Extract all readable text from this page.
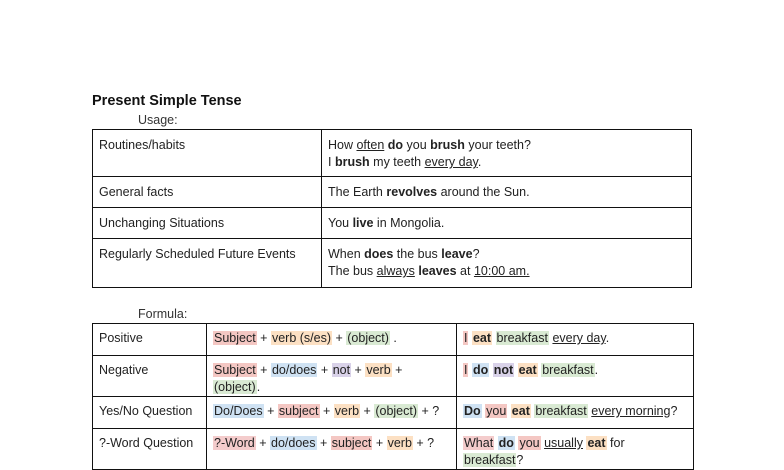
Present Simple Tense
Usage:
Routines/habits	How often do you brush your teeth?
I brush my teeth every day.

General facts	The Earth revolves around the Sun.

Unchanging Situations	You live in Mongolia.

Regularly Scheduled Future Events	When does the bus leave?
The bus always leaves at 10:00 am.
Formula:
Positive	Subject + verb (s/es) + (object) .	I eat breakfast every day.
Negative	Subject + do/does + not + verb + (object).	I do not eat breakfast.
Yes/No Question	Do/Does + subject + verb + (object) + ?	Do you eat breakfast every morning?
?-Word Question	?-Word + do/does + subject + verb + ?	What do you usually eat for breakfast?
